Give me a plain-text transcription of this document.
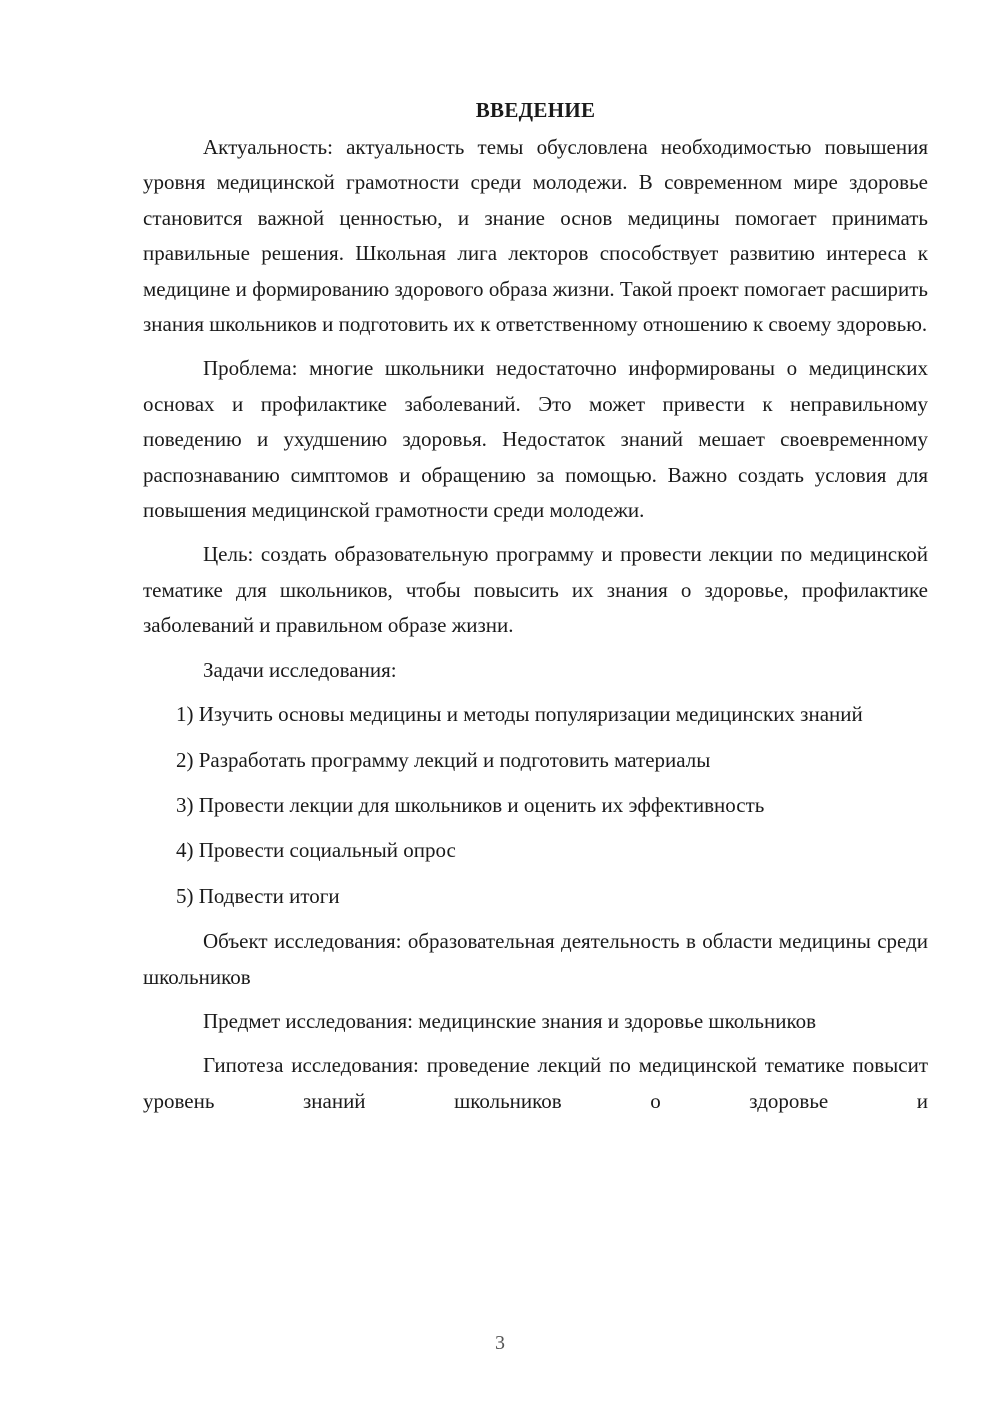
ВВЕДЕНИЕ

Актуальность: актуальность темы обусловлена необходимостью повышения уровня медицинской грамотности среди молодежи. В современном мире здоровье становится важной ценностью, и знание основ медицины помогает принимать правильные решения. Школьная лига лекторов способствует развитию интереса к медицине и формированию здорового образа жизни. Такой проект помогает расширить знания школьников и подготовить их к ответственному отношению к своему здоровью.

Проблема: многие школьники недостаточно информированы о медицинских основах и профилактике заболеваний. Это может привести к неправильному поведению и ухудшению здоровья. Недостаток знаний мешает своевременному распознаванию симптомов и обращению за помощью. Важно создать условия для повышения медицинской грамотности среди молодежи.

Цель: создать образовательную программу и провести лекции по медицинской тематике для школьников, чтобы повысить их знания о здоровье, профилактике заболеваний и правильном образе жизни.

Задачи исследования:

1) Изучить основы медицины и методы популяризации медицинских знаний

2) Разработать программу лекций и подготовить материалы

3) Провести лекции для школьников и оценить их эффективность

4) Провести социальный опрос

5) Подвести итоги

Объект исследования: образовательная деятельность в области медицины среди школьников

Предмет исследования: медицинские знания и здоровье школьников

Гипотеза исследования: проведение лекций по медицинской тематике повысит уровень знаний школьников о здоровье и

3
